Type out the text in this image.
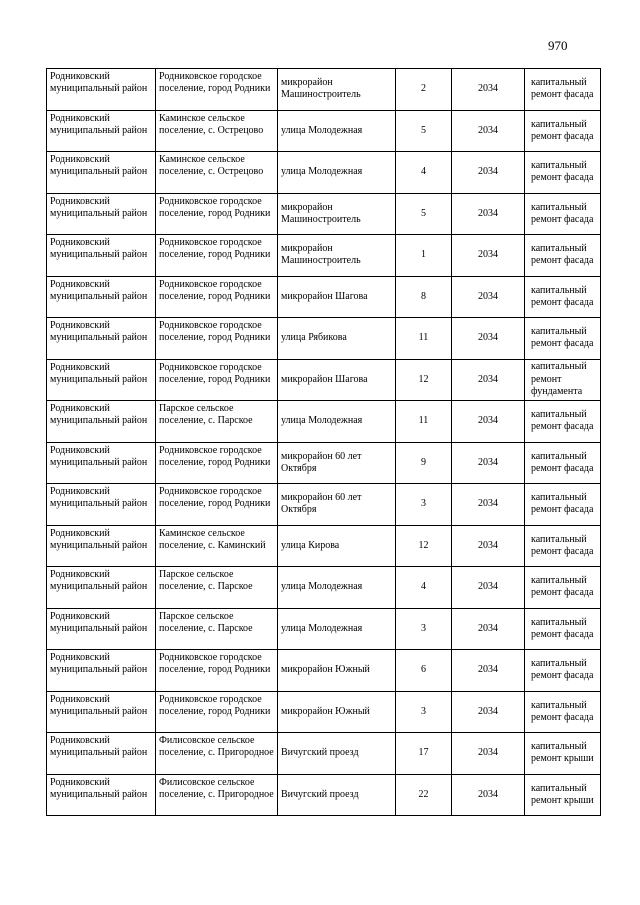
970
Родниковский муниципальный район	Родниковское городское поселение, город Родники	микрорайон Машиностроитель	2	2034	капитальный ремонт фасада
Родниковский муниципальный район	Каминское сельское поселение, с. Острецово	улица Молодежная	5	2034	капитальный ремонт фасада
Родниковский муниципальный район	Каминское сельское поселение, с. Острецово	улица Молодежная	4	2034	капитальный ремонт фасада
Родниковский муниципальный район	Родниковское городское поселение, город Родники	микрорайон Машиностроитель	5	2034	капитальный ремонт фасада
Родниковский муниципальный район	Родниковское городское поселение, город Родники	микрорайон Машиностроитель	1	2034	капитальный ремонт фасада
Родниковский муниципальный район	Родниковское городское поселение, город Родники	микрорайон Шагова	8	2034	капитальный ремонт фасада
Родниковский муниципальный район	Родниковское городское поселение, город Родники	улица Рябикова	11	2034	капитальный ремонт фасада
Родниковский муниципальный район	Родниковское городское поселение, город Родники	микрорайон Шагова	12	2034	капитальный ремонт фундамента
Родниковский муниципальный район	Парское сельское поселение, с. Парское	улица Молодежная	11	2034	капитальный ремонт фасада
Родниковский муниципальный район	Родниковское городское поселение, город Родники	микрорайон 60 лет Октября	9	2034	капитальный ремонт фасада
Родниковский муниципальный район	Родниковское городское поселение, город Родники	микрорайон 60 лет Октября	3	2034	капитальный ремонт фасада
Родниковский муниципальный район	Каминское сельское поселение, с. Каминский	улица Кирова	12	2034	капитальный ремонт фасада
Родниковский муниципальный район	Парское сельское поселение, с. Парское	улица Молодежная	4	2034	капитальный ремонт фасада
Родниковский муниципальный район	Парское сельское поселение, с. Парское	улица Молодежная	3	2034	капитальный ремонт фасада
Родниковский муниципальный район	Родниковское городское поселение, город Родники	микрорайон Южный	6	2034	капитальный ремонт фасада
Родниковский муниципальный район	Родниковское городское поселение, город Родники	микрорайон Южный	3	2034	капитальный ремонт фасада
Родниковский муниципальный район	Филисовское сельское поселение, с. Пригородное	Вичугский проезд	17	2034	капитальный ремонт крыши
Родниковский муниципальный район	Филисовское сельское поселение, с. Пригородное	Вичугский проезд	22	2034	капитальный ремонт крыши
